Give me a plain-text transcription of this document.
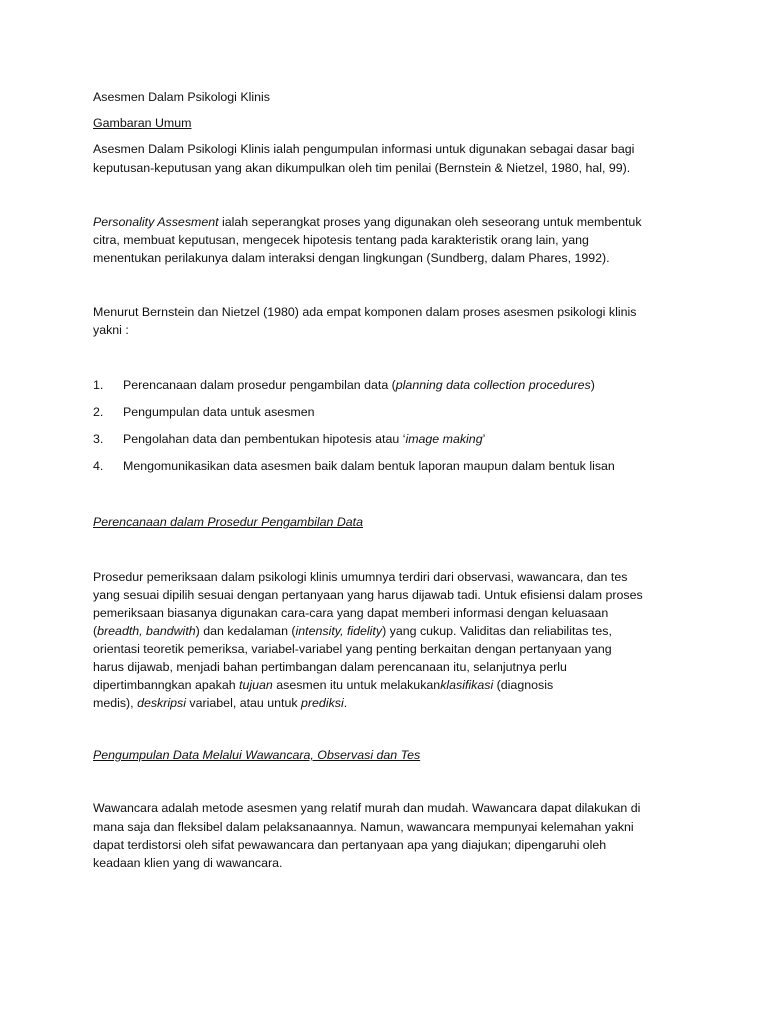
Asesmen Dalam Psikologi Klinis
Gambaran Umum
Asesmen Dalam Psikologi Klinis ialah pengumpulan informasi untuk digunakan sebagai dasar bagi
keputusan-keputusan yang akan dikumpulkan oleh tim penilai (Bernstein & Nietzel, 1980, hal, 99).
Personality Assesment ialah seperangkat proses yang digunakan oleh seseorang untuk membentuk
citra, membuat keputusan, mengecek hipotesis tentang pada karakteristik orang lain, yang
menentukan perilakunya dalam interaksi dengan lingkungan (Sundberg, dalam Phares, 1992).
Menurut Bernstein dan Nietzel (1980) ada empat komponen dalam proses asesmen psikologi klinis
yakni :
1. Perencanaan dalam prosedur pengambilan data (planning data collection procedures)
2. Pengumpulan data untuk asesmen
3. Pengolahan data dan pembentukan hipotesis atau ‘image making’
4. Mengomunikasikan data asesmen baik dalam bentuk laporan maupun dalam bentuk lisan
Perencanaan dalam Prosedur Pengambilan Data
Prosedur pemeriksaan dalam psikologi klinis umumnya terdiri dari observasi, wawancara, dan tes
yang sesuai dipilih sesuai dengan pertanyaan yang harus dijawab tadi. Untuk efisiensi dalam proses
pemeriksaan biasanya digunakan cara-cara yang dapat memberi informasi dengan keluasaan
(breadth, bandwith) dan kedalaman (intensity, fidelity) yang cukup. Validitas dan reliabilitas tes,
orientasi teoretik pemeriksa, variabel-variabel yang penting berkaitan dengan pertanyaan yang
harus dijawab, menjadi bahan pertimbangan dalam perencanaan itu, selanjutnya perlu
dipertimbanngkan apakah tujuan asesmen itu untuk melakukanklasifikasi (diagnosis
medis), deskripsi variabel, atau untuk prediksi.
Pengumpulan Data Melalui Wawancara, Observasi dan Tes
Wawancara adalah metode asesmen yang relatif murah dan mudah. Wawancara dapat dilakukan di
mana saja dan fleksibel dalam pelaksanaannya. Namun, wawancara mempunyai kelemahan yakni
dapat terdistorsi oleh sifat pewawancara dan pertanyaan apa yang diajukan; dipengaruhi oleh
keadaan klien yang di wawancara.
